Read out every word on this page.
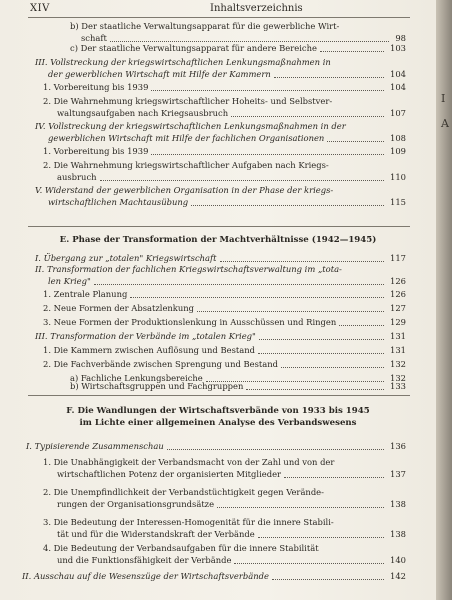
XIV	Inhaltsverzeichnis
b) Der staatliche Verwaltungsapparat für die gewerbliche Wirt-
schaft	98
c) Der staatliche Verwaltungsapparat für andere Bereiche	103
III. Vollstreckung der kriegswirtschaftlichen Lenkungsmaßnahmen in
der gewerblichen Wirtschaft mit Hilfe der Kammern	104
1. Vorbereitung bis 1939	104
2. Die Wahrnehmung kriegswirtschaftlicher Hoheits- und Selbstver-
waltungsaufgaben nach Kriegsausbruch	107
IV. Vollstreckung der kriegswirtschaftlichen Lenkungsmaßnahmen in der
gewerblichen Wirtschaft mit Hilfe der fachlichen Organisationen	108
1. Vorbereitung bis 1939	109
2. Die Wahrnehmung kriegswirtschaftlicher Aufgaben nach Kriegs-
ausbruch	110
V. Widerstand der gewerblichen Organisation in der Phase der kriegs-
wirtschaftlichen Machtausübung	115
I. Übergang zur „totalen" Kriegswirtschaft	117
II. Transformation der fachlichen Kriegswirtschaftsverwaltung im „tota-
len Krieg"	126
1. Zentrale Planung	126
2. Neue Formen der Absatzlenkung	127
3. Neue Formen der Produktionslenkung in Ausschüssen und Ringen	129
III. Transformation der Verbände im „totalen Krieg"	131
1. Die Kammern zwischen Auflösung und Bestand	131
2. Die Fachverbände zwischen Sprengung und Bestand	132
a) Fachliche Lenkungsbereiche	132
b) Wirtschaftsgruppen und Fachgruppen	133
I. Typisierende Zusammenschau	136
1. Die Unabhängigkeit der Verbandsmacht von der Zahl und von der
wirtschaftlichen Potenz der organisierten Mitglieder	137
2. Die Unempfindlichkeit der Verbandstüchtigkeit gegen Verände-
rungen der Organisationsgrundsätze	138
3. Die Bedeutung der Interessen-Homogenität für die innere Stabili-
tät und für die Widerstandskraft der Verbände	138
4. Die Bedeutung der Verbandsaufgaben für die innere Stabilität
und die Funktionsfähigkeit der Verbände	140
II. Ausschau auf die Wesenszüge der Wirtschaftsverbände	142
E. Phase der Transformation der Machtverhältnisse (1942—1945)
F. Die Wandlungen der Wirtschaftsverbände von 1933 bis 1945
im Lichte einer allgemeinen Analyse des Verbandswesens
I
A
